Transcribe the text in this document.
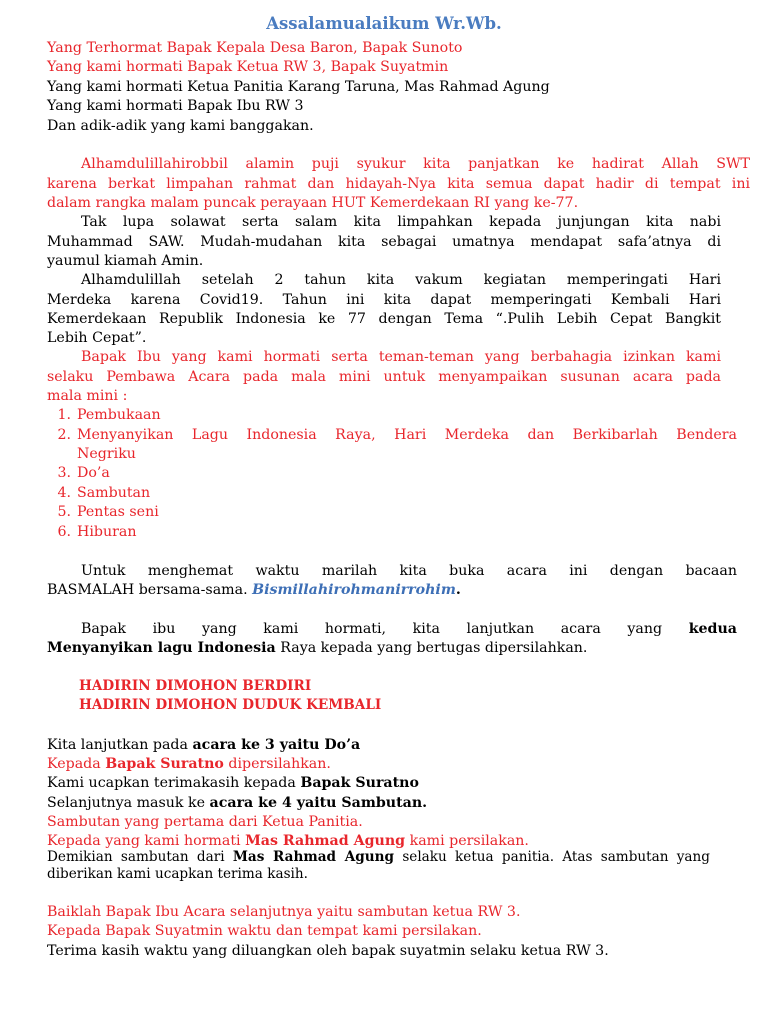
Assalamualaikum Wr.Wb.
Yang Terhormat Bapak Kepala Desa Baron, Bapak Sunoto
Yang kami hormati Bapak Ketua RW 3, Bapak Suyatmin
Yang kami hormati Ketua Panitia Karang Taruna, Mas Rahmad Agung
Yang kami hormati Bapak Ibu RW 3
Dan adik-adik yang kami banggakan.
Alhamdulillahirobbil alamin puji syukur kita panjatkan ke hadirat Allah SWT
karena berkat limpahan rahmat dan hidayah-Nya kita semua dapat hadir di tempat ini
dalam rangka malam puncak perayaan HUT Kemerdekaan RI yang ke-77.
Tak lupa solawat serta salam kita limpahkan kepada junjungan kita nabi
Muhammad SAW. Mudah-mudahan kita sebagai umatnya mendapat safa’atnya di
yaumul kiamah Amin.
Alhamdulillah setelah 2 tahun kita vakum kegiatan memperingati Hari
Merdeka karena Covid19. Tahun ini kita dapat memperingati Kembali Hari
Kemerdekaan Republik Indonesia ke 77 dengan Tema “.Pulih Lebih Cepat Bangkit
Lebih Cepat”.
Bapak Ibu yang kami hormati serta teman-teman yang berbahagia izinkan kami
selaku Pembawa Acara pada mala mini untuk menyampaikan susunan acara pada
mala mini :
1. Pembukaan
2. Menyanyikan Lagu Indonesia Raya, Hari Merdeka dan Berkibarlah Bendera
Negriku
3. Do’a
4. Sambutan
5. Pentas seni
6. Hiburan
Untuk menghemat waktu marilah kita buka acara ini dengan bacaan
BASMALAH bersama-sama. Bismillahirohmanirrohim.
Bapak ibu yang kami hormati, kita lanjutkan acara yang kedua
Menyanyikan lagu Indonesia Raya kepada yang bertugas dipersilahkan.
HADIRIN DIMOHON BERDIRI
HADIRIN DIMOHON DUDUK KEMBALI
Kita lanjutkan pada acara ke 3 yaitu Do’a
Kepada Bapak Suratno dipersilahkan.
Kami ucapkan terimakasih kepada Bapak Suratno
Selanjutnya masuk ke acara ke 4 yaitu Sambutan.
Sambutan yang pertama dari Ketua Panitia.
Kepada yang kami hormati Mas Rahmad Agung kami persilakan.
Demikian sambutan dari Mas Rahmad Agung selaku ketua panitia. Atas sambutan yang
diberikan kami ucapkan terima kasih.
Baiklah Bapak Ibu Acara selanjutnya yaitu sambutan ketua RW 3.
Kepada Bapak Suyatmin waktu dan tempat kami persilakan.
Terima kasih waktu yang diluangkan oleh bapak suyatmin selaku ketua RW 3.
